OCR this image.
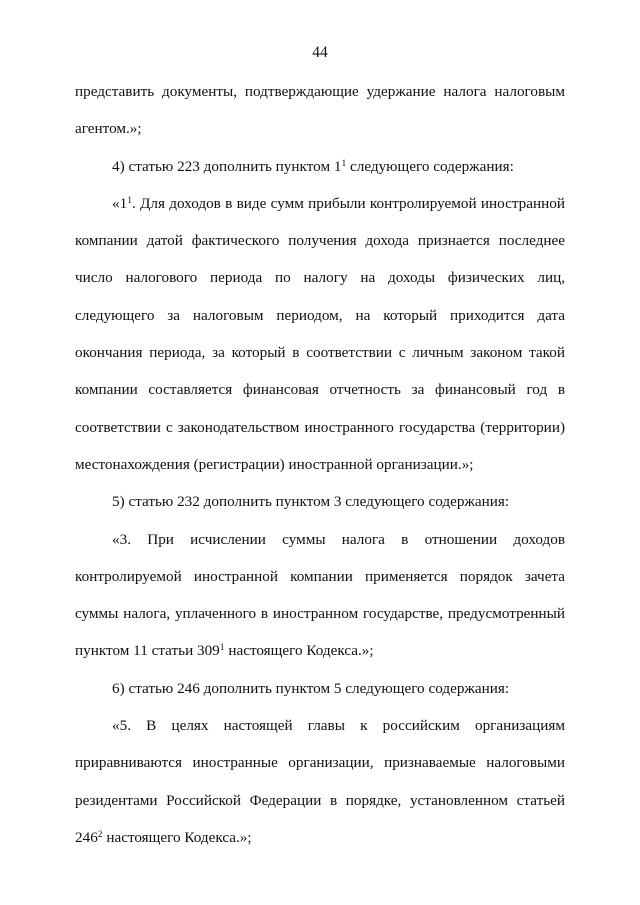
44
представить документы, подтверждающие удержание налога налоговым
агентом.»;
4) статью 223 дополнить пунктом $1^1$ следующего содержания:
«$1^1$. Для доходов в виде сумм прибыли контролируемой иностранной
компании датой фактического получения дохода признается последнее
число налогового периода по налогу на доходы физических лиц,
следующего за налоговым периодом, на который приходится дата
окончания периода, за который в соответствии с личным законом такой
компании составляется финансовая отчетность за финансовый год в
соответствии с законодательством иностранного государства (территории)
местонахождения (регистрации) иностранной организации.»;
5) статью 232 дополнить пунктом 3 следующего содержания:
«3. При исчислении суммы налога в отношении доходов
контролируемой иностранной компании применяется порядок зачета
суммы налога, уплаченного в иностранном государстве, предусмотренный
пунктом 11 статьи $309^1$ настоящего Кодекса.»;
6) статью 246 дополнить пунктом 5 следующего содержания:
«5. В целях настоящей главы к российским организациям
приравниваются иностранные организации, признаваемые налоговыми
резидентами Российской Федерации в порядке, установленном статьей
$246^2$ настоящего Кодекса.»;
